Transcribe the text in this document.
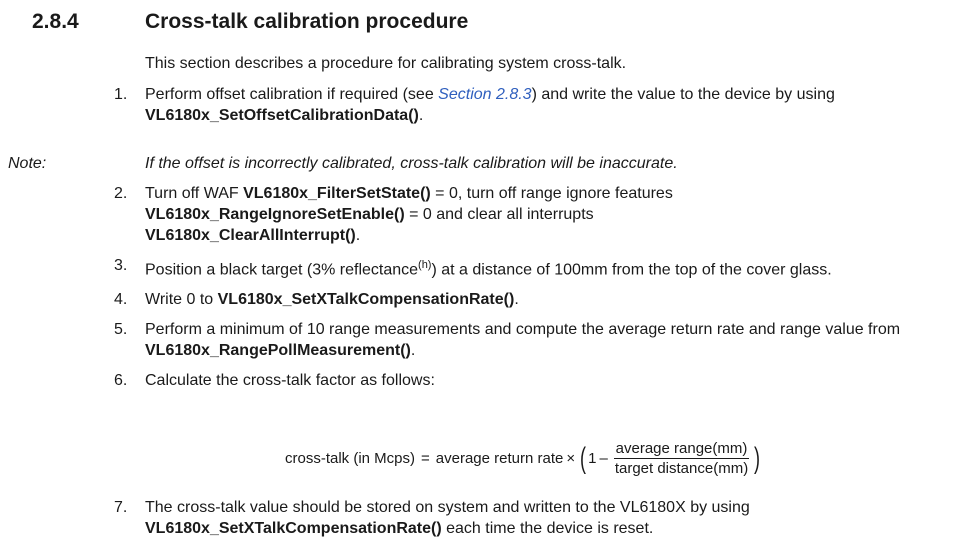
2.8.4	Cross-talk calibration procedure
This section describes a procedure for calibrating system cross-talk.
1. Perform offset calibration if required (see Section 2.8.3) and write the value to the device by using VL6180x_SetOffsetCalibrationData().
Note:	If the offset is incorrectly calibrated, cross-talk calibration will be inaccurate.
2. Turn off WAF VL6180x_FilterSetState() = 0, turn off range ignore features
VL6180x_RangeIgnoreSetEnable() = 0 and clear all interrupts
VL6180x_ClearAllInterrupt().
3. Position a black target (3% reflectance$^{(h)}$) at a distance of 100mm from the top of the cover glass.
4. Write 0 to VL6180x_SetXTalkCompensationRate().
5. Perform a minimum of 10 range measurements and compute the average return rate and range value from VL6180x_RangePollMeasurement().
6. Calculate the cross-talk factor as follows:
cross-talk (in Mcps) = average return rate × ( $1 - \frac{\text{average range(mm)}}{\text{target distance(mm)}}$ )
7. The cross-talk value should be stored on system and written to the VL6180X by using VL6180x_SetXTalkCompensationRate() each time the device is reset.
